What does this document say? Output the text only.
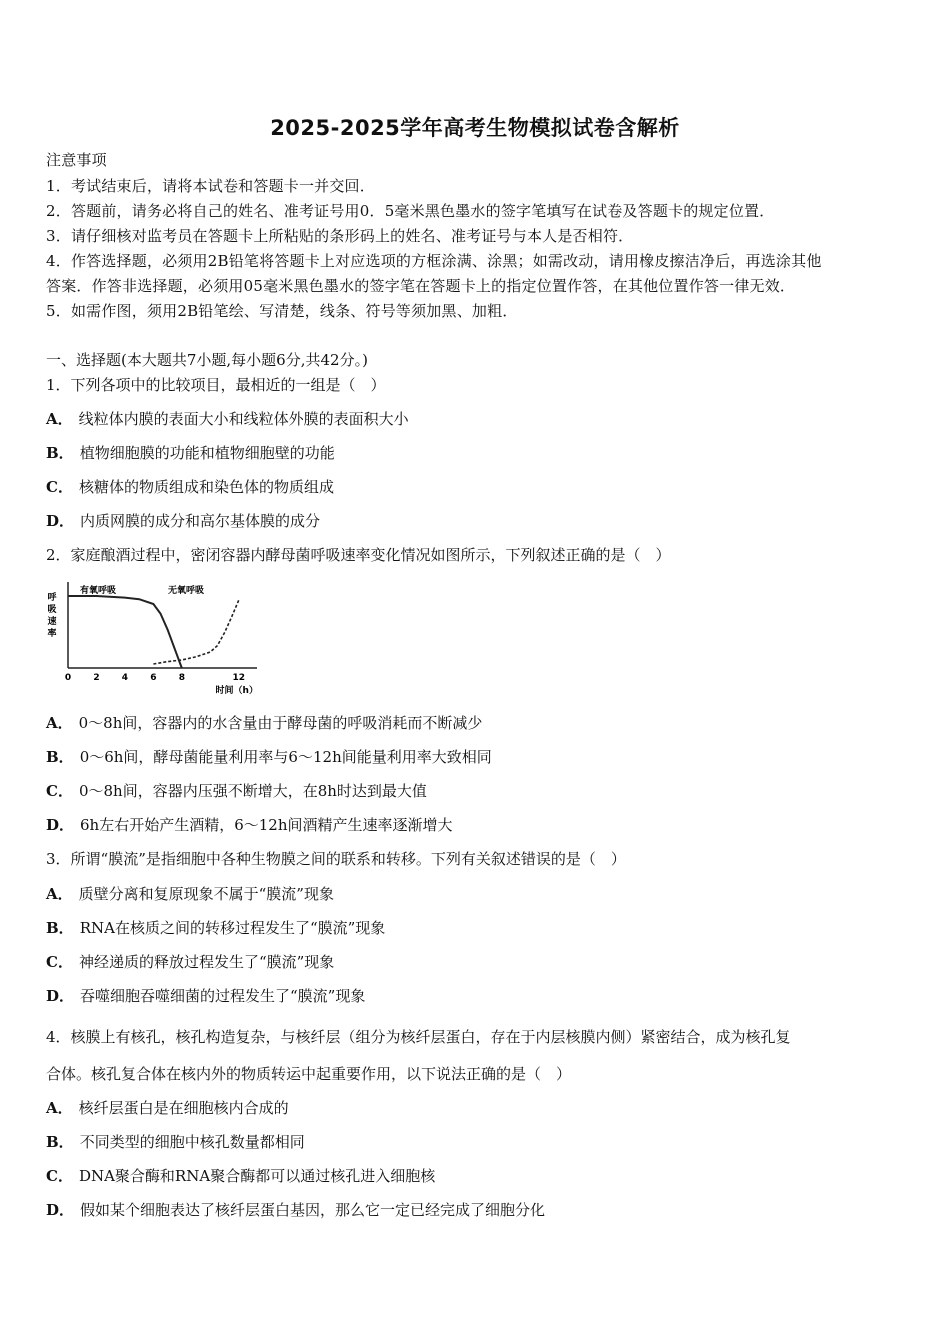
2025-2025学年高考生物模拟试卷含解析
注意事项
1．考试结束后，请将本试卷和答题卡一并交回．
2．答题前，请务必将自己的姓名、准考证号用0．5毫米黑色墨水的签字笔填写在试卷及答题卡的规定位置．
3．请仔细核对监考员在答题卡上所粘贴的条形码上的姓名、准考证号与本人是否相符．
4．作答选择题，必须用2B铅笔将答题卡上对应选项的方框涂满、涂黑；如需改动，请用橡皮擦洁净后，再选涂其他
答案．作答非选择题，必须用05毫米黑色墨水的签字笔在答题卡上的指定位置作答，在其他位置作答一律无效．
5．如需作图，须用2B铅笔绘、写清楚，线条、符号等须加黑、加粗．
一、选择题(本大题共7小题,每小题6分,共42分。)
1．下列各项中的比较项目，最相近的一组是（　）
A． 线粒体内膜的表面大小和线粒体外膜的表面积大小
B． 植物细胞膜的功能和植物细胞壁的功能
C． 核糖体的物质组成和染色体的物质组成
D． 内质网膜的成分和高尔基体膜的成分
2．家庭酿酒过程中，密闭容器内酵母菌呼吸速率变化情况如图所示，下列叙述正确的是（　）
呼
吸
速
率
0 2 4 6 8	12
时间（h）
有氧呼吸	无氧呼吸
A． 0～8h间，容器内的水含量由于酵母菌的呼吸消耗而不断减少
B． 0～6h间，酵母菌能量利用率与6～12h间能量利用率大致相同
C． 0～8h间，容器内压强不断增大，在8h时达到最大值
D． 6h左右开始产生酒精，6～12h间酒精产生速率逐渐增大
3．所谓“膜流”是指细胞中各种生物膜之间的联系和转移。下列有关叙述错误的是（　）
A． 质壁分离和复原现象不属于“膜流”现象
B． RNA在核质之间的转移过程发生了“膜流”现象
C． 神经递质的释放过程发生了“膜流”现象
D． 吞噬细胞吞噬细菌的过程发生了“膜流”现象
4．核膜上有核孔，核孔构造复杂，与核纤层（组分为核纤层蛋白，存在于内层核膜内侧）紧密结合，成为核孔复
合体。核孔复合体在核内外的物质转运中起重要作用，以下说法正确的是（　）
A． 核纤层蛋白是在细胞核内合成的
B． 不同类型的细胞中核孔数量都相同
C． DNA聚合酶和RNA聚合酶都可以通过核孔进入细胞核
D． 假如某个细胞表达了核纤层蛋白基因，那么它一定已经完成了细胞分化
